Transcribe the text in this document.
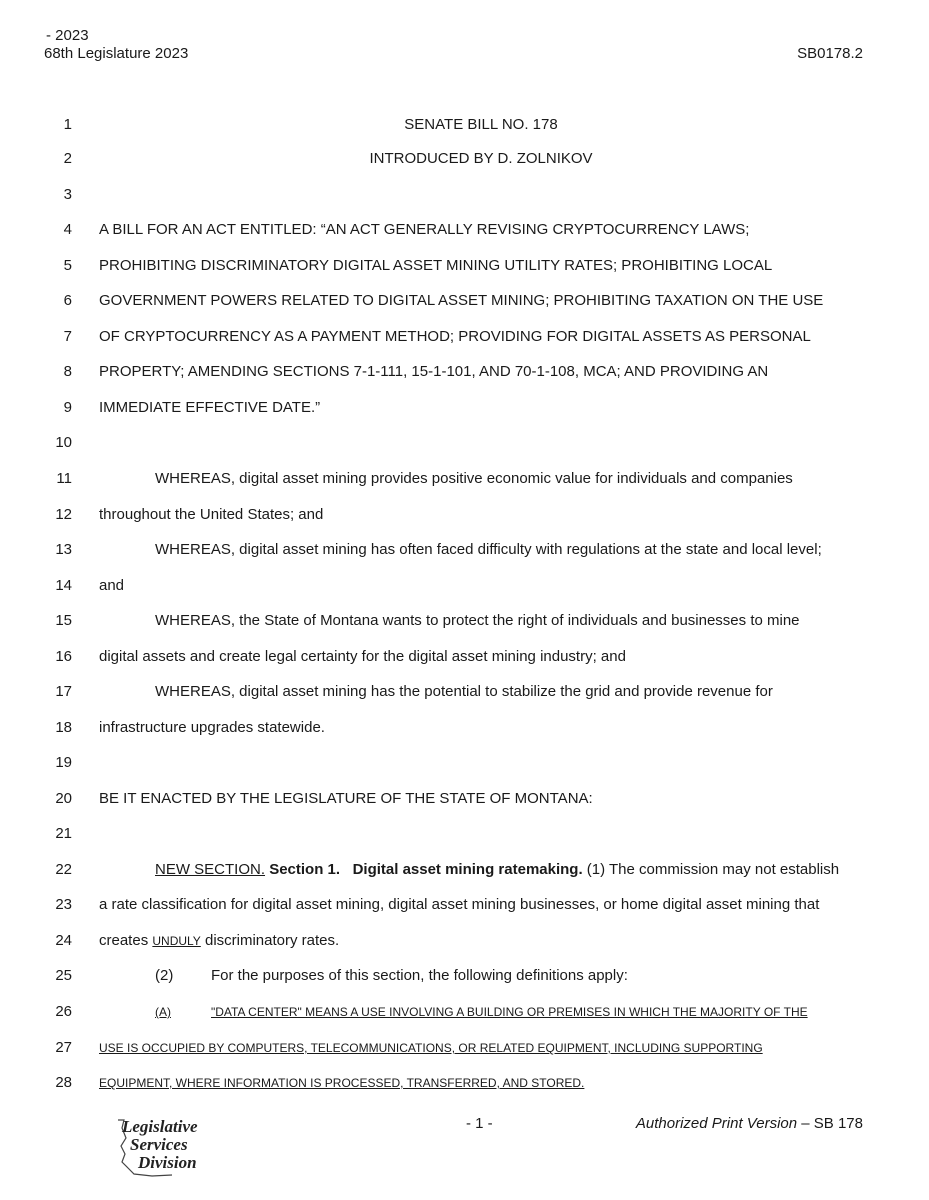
- 2023
68th Legislature 2023	SB0178.2
1	SENATE BILL NO. 178
2	INTRODUCED BY D. ZOLNIKOV
3
4 A BILL FOR AN ACT ENTITLED: “AN ACT GENERALLY REVISING CRYPTOCURRENCY LAWS;
5 PROHIBITING DISCRIMINATORY DIGITAL ASSET MINING UTILITY RATES; PROHIBITING LOCAL
6 GOVERNMENT POWERS RELATED TO DIGITAL ASSET MINING; PROHIBITING TAXATION ON THE USE
7 OF CRYPTOCURRENCY AS A PAYMENT METHOD; PROVIDING FOR DIGITAL ASSETS AS PERSONAL
8 PROPERTY; AMENDING SECTIONS 7-1-111, 15-1-101, AND 70-1-108, MCA; AND PROVIDING AN
9 IMMEDIATE EFFECTIVE DATE.”
10
11	WHEREAS, digital asset mining provides positive economic value for individuals and companies
12 throughout the United States; and
13	WHEREAS, digital asset mining has often faced difficulty with regulations at the state and local level;
14 and
15	WHEREAS, the State of Montana wants to protect the right of individuals and businesses to mine
16 digital assets and create legal certainty for the digital asset mining industry; and
17	WHEREAS, digital asset mining has the potential to stabilize the grid and provide revenue for
18 infrastructure upgrades statewide.
19
20 BE IT ENACTED BY THE LEGISLATURE OF THE STATE OF MONTANA:
21
22	NEW SECTION. Section 1. Digital asset mining ratemaking. (1) The commission may not establish
23 a rate classification for digital asset mining, digital asset mining businesses, or home digital asset mining that
24 creates UNDULY discriminatory rates.
25	(2)	For the purposes of this section, the following definitions apply:
26	(A)	"DATA CENTER" MEANS A USE INVOLVING A BUILDING OR PREMISES IN WHICH THE MAJORITY OF THE
27 USE IS OCCUPIED BY COMPUTERS, TELECOMMUNICATIONS, OR RELATED EQUIPMENT, INCLUDING SUPPORTING
28 EQUIPMENT, WHERE INFORMATION IS PROCESSED, TRANSFERRED, AND STORED.
Legislative
Services
Division
- 1 -	Authorized Print Version – SB 178
